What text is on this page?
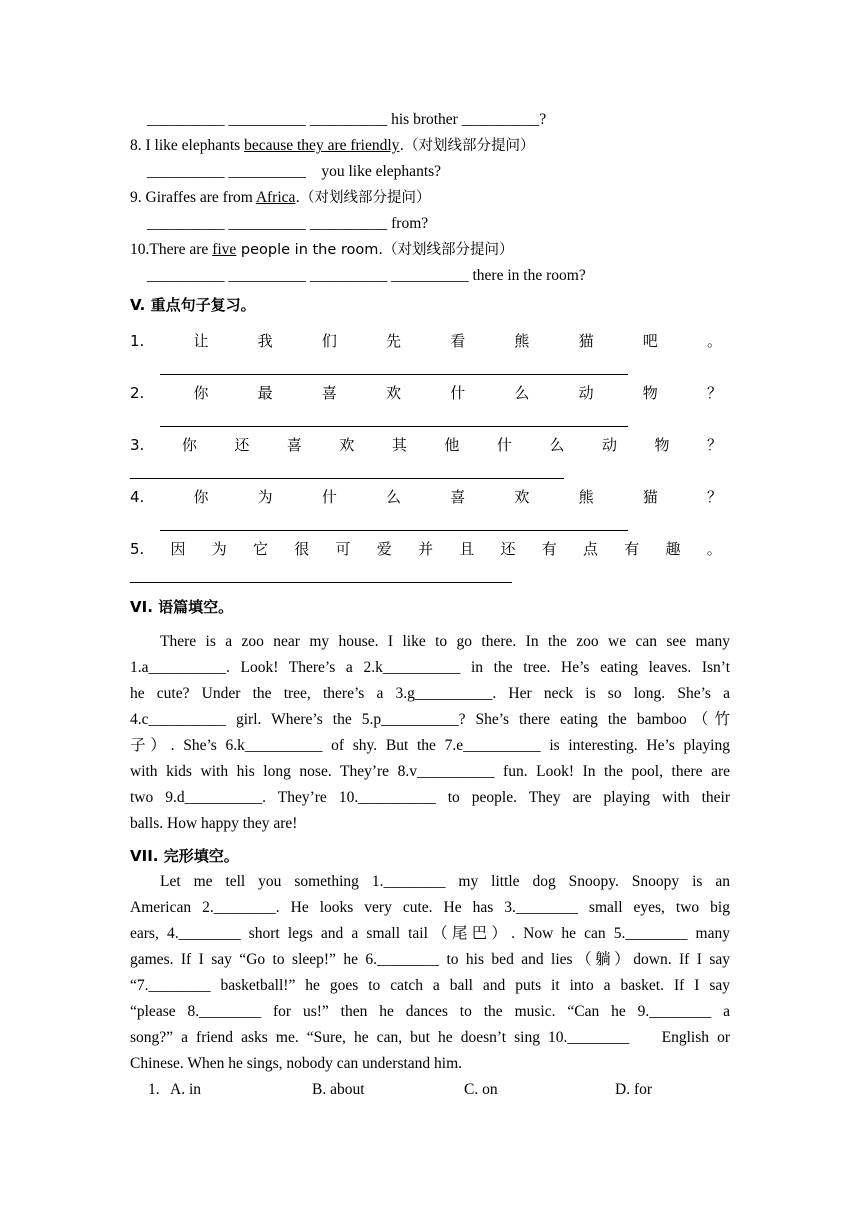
__________ __________ __________ his brother __________?
8. I like elephants because they are friendly.（对划线部分提问）
__________ __________    you like elephants?
9. Giraffes are from Africa.（对划线部分提问）
__________ __________ __________ from?
10.There are five people in the room.（对划线部分提问）
__________ __________ __________ __________ there in the room?
V. 重点句子复习。
1.	让	我	们	先	看	熊	猫	吧	。
2.	你	最	喜	欢	什	么	动	物	？
3.	你	还	喜	欢	其	他	什	么	动	物	？
4.	你	为	什	么	喜	欢	熊	猫	？
5. 因 为 它 很 可 爱 并 且 还 有 点 有 趣 。
VI. 语篇填空。
There is a zoo near my house. I like to go there. In the zoo we can see many
1.a__________. Look! There’s a 2.k__________ in the tree. He’s eating leaves. Isn’t
he cute? Under the tree, there’s a 3.g__________. Her neck is so long. She’s a
4.c__________ girl. Where’s the 5.p__________? She’s there eating the bamboo（竹
子）. She’s 6.k__________ of shy. But the 7.e__________ is interesting. He’s playing
with kids with his long nose. They’re 8.v__________ fun. Look! In the pool, there are
two 9.d__________. They’re 10.__________ to people. They are playing with their
balls. How happy they are!
VII. 完形填空。
Let me tell you something 1.________ my little dog Snoopy. Snoopy is an
American 2.________. He looks very cute. He has 3.________ small eyes, two big
ears, 4.________ short legs and a small tail（尾巴）. Now he can 5.________ many
games. If I say “Go to sleep!” he 6.________ to his bed and lies（躺）down. If I say
“7.________ basketball!” he goes to catch a ball and puts it into a basket. If I say
“please 8.________ for us!” then he dances to the music. “Can he 9.________ a
song?” a friend asks me. “Sure, he can, but he doesn’t sing 10.________    English or
Chinese. When he sings, nobody can understand him.
1. A. in	B. about	C. on	D. for
